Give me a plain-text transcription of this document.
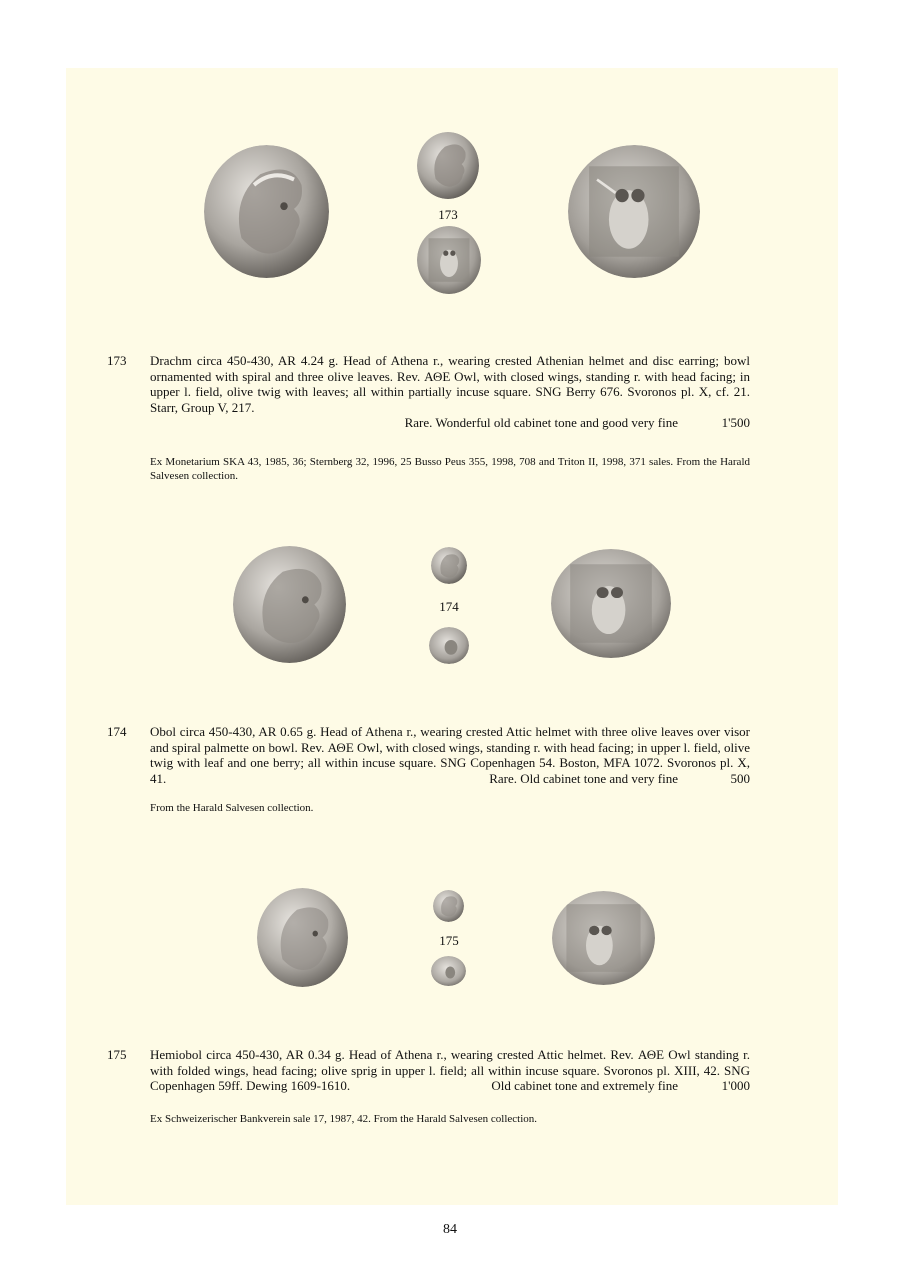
173
173 Drachm circa 450-430, AR 4.24 g. Head of Athena r., wearing crested Athenian helmet and disc earring; bowl ornamented with spiral and three olive leaves. Rev. ΑΘΕ Owl, with closed wings, standing r. with head facing; in upper l. field, olive twig with leaves; all within partially incuse square. SNG Berry 676. Svoronos pl. X, cf. 21. Starr, Group V, 217.
Rare. Wonderful old cabinet tone and good very fine	1'500
Ex Monetarium SKA 43, 1985, 36; Sternberg 32, 1996, 25 Busso Peus 355, 1998, 708 and Triton II, 1998, 371 sales. From the Harald Salvesen collection.
174
174 Obol circa 450-430, AR 0.65 g. Head of Athena r., wearing crested Attic helmet with three olive leaves over visor and spiral palmette on bowl. Rev. ΑΘΕ Owl, with closed wings, standing r. with head facing; in upper l. field, olive twig with leaf and one berry; all within incuse square. SNG Copenhagen 54. Boston, MFA 1072. Svoronos pl. X, 41.	Rare. Old cabinet tone and very fine	500
From the Harald Salvesen collection.
175
175 Hemiobol circa 450-430, AR 0.34 g. Head of Athena r., wearing crested Attic helmet. Rev. ΑΘΕ Owl standing r. with folded wings, head facing; olive sprig in upper l. field; all within incuse square. Svoronos pl. XIII, 42. SNG Copenhagen 59ff. Dewing 1609-1610.	Old cabinet tone and extremely fine	1'000
Ex Schweizerischer Bankverein sale 17, 1987, 42. From the Harald Salvesen collection.
84
